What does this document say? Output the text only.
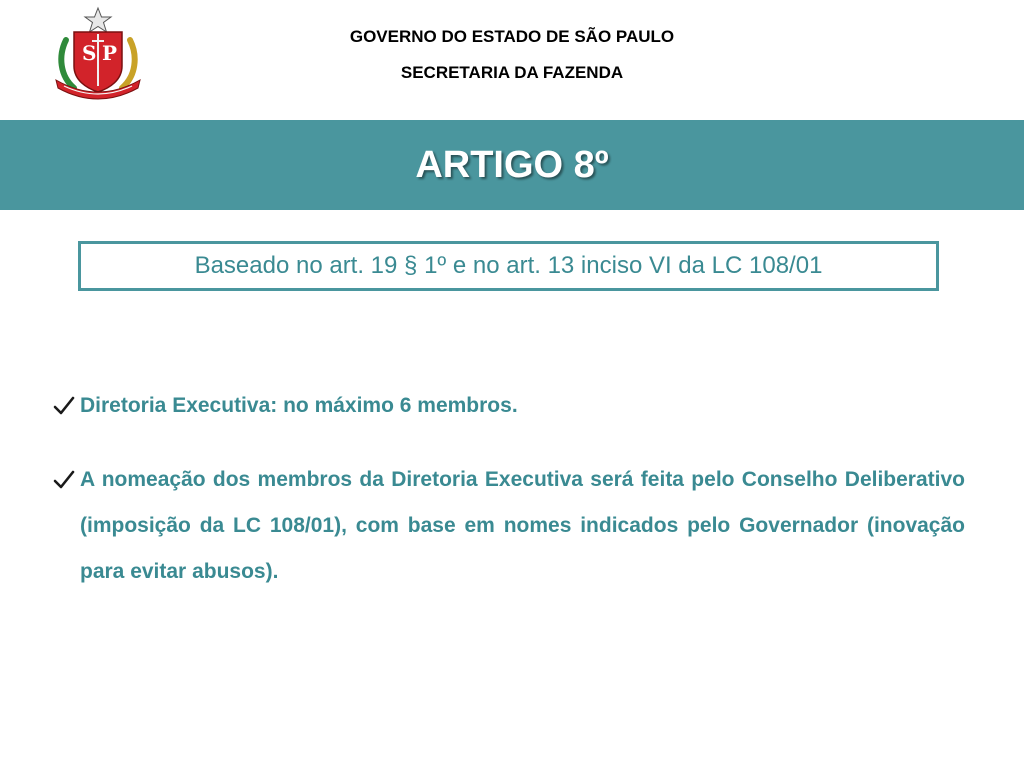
S P
GOVERNO DO ESTADO DE SÃO PAULO
SECRETARIA DA FAZENDA
ARTIGO 8º
Baseado no art. 19 § 1º e no art. 13 inciso VI da LC 108/01
Diretoria Executiva: no máximo 6 membros.
A nomeação dos membros da Diretoria Executiva será feita pelo Conselho Deliberativo (imposição da LC 108/01), com base em nomes indicados pelo Governador (inovação para evitar abusos).
